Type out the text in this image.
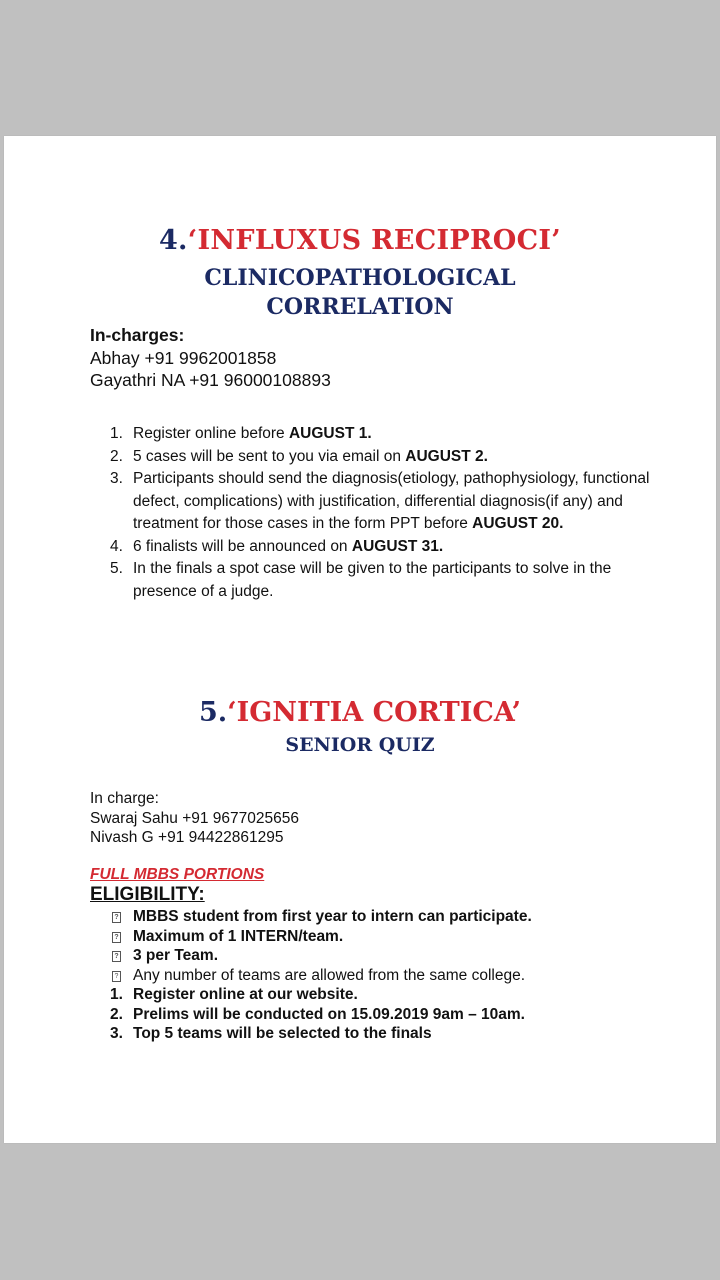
4.‘INFLUXUS RECIPROCI’
CLINICOPATHOLOGICAL
CORRELATION
In-charges:
Abhay +91 9962001858
Gayathri NA +91 96000108893
1. Register online before AUGUST 1.
2. 5 cases will be sent to you via email on AUGUST 2.
3. Participants should send the diagnosis(etiology, pathophysiology, functional defect, complications) with justification, differential diagnosis(if any) and treatment for those cases in the form PPT before AUGUST 20.
4. 6 finalists will be announced on AUGUST 31.
5. In the finals a spot case will be given to the participants to solve in the presence of a judge.
5.‘IGNITIA CORTICA’
SENIOR QUIZ
In charge:
Swaraj Sahu +91 9677025656
Nivash G +91 94422861295
FULL MBBS PORTIONS
ELIGIBILITY:
? MBBS student from first year to intern can participate.
? Maximum of 1 INTERN/team.
? 3 per Team.
? Any number of teams are allowed from the same college.
1. Register online at our website.
2. Prelims will be conducted on 15.09.2019 9am – 10am.
3. Top 5 teams will be selected to the finals
